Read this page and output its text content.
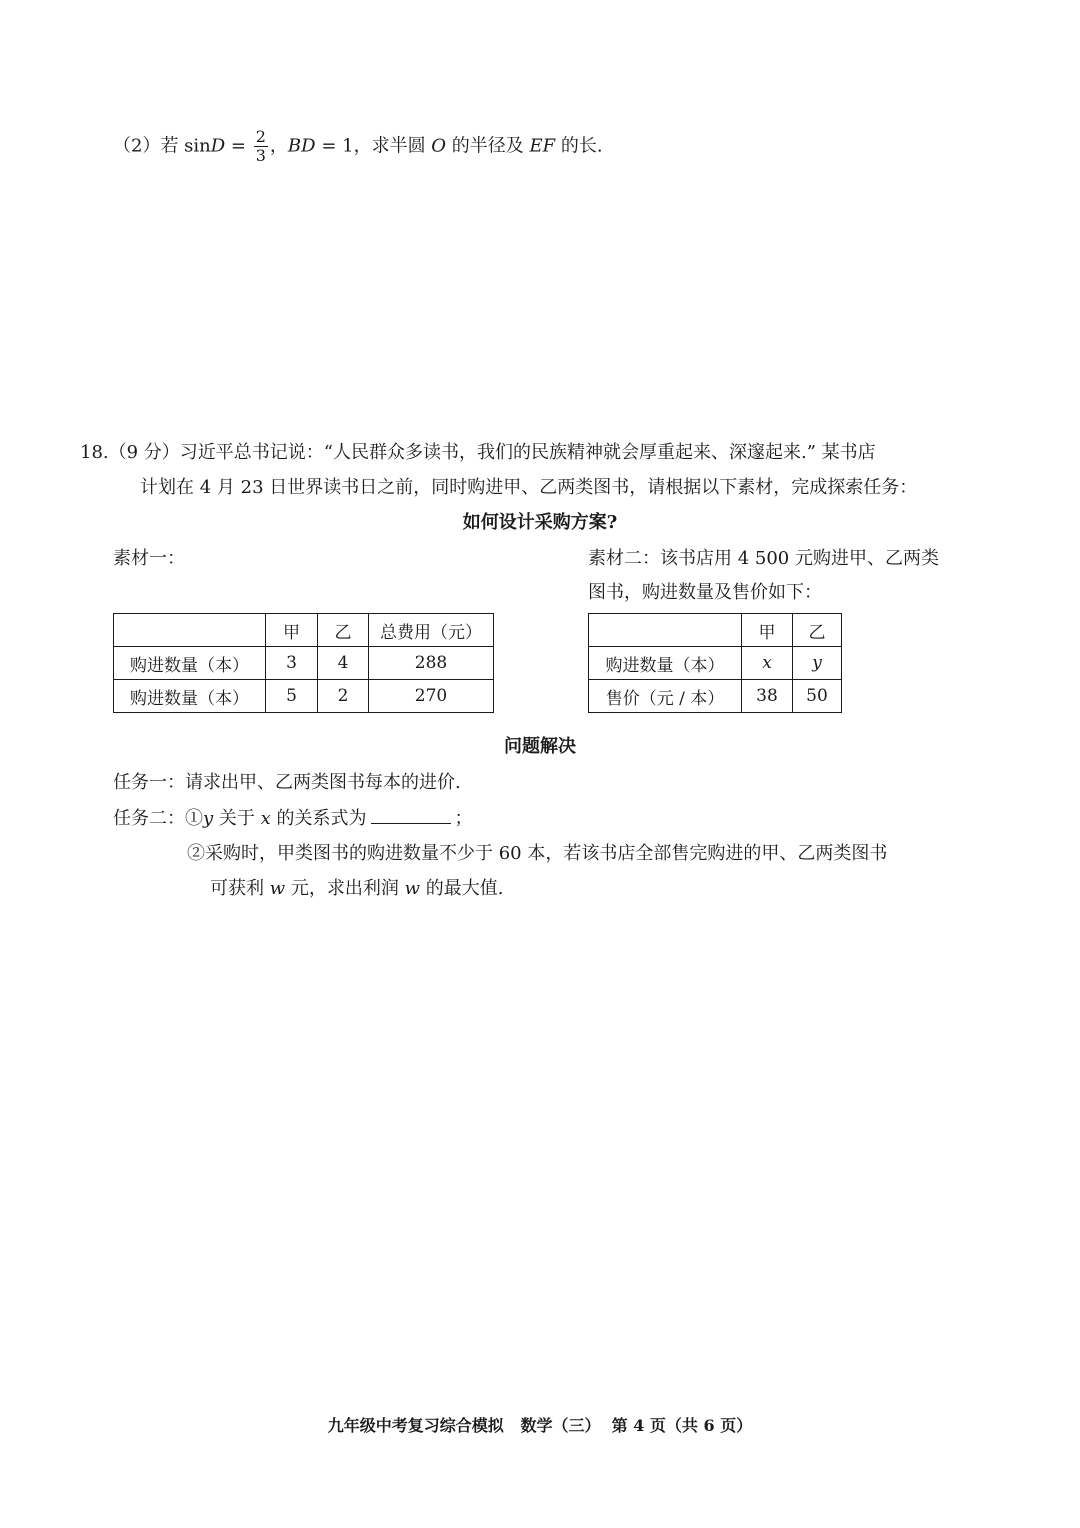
（2）若 $\sin D = \frac{2}{3}$ ，BD = 1，求半圆 O 的半径及 EF 的长.
18.（9 分）习近平总书记说：“人民群众多读书，我们的民族精神就会厚重起来、深邃起来.” 某书店
计划在 4 月 23 日世界读书日之前，同时购进甲、乙两类图书，请根据以下素材，完成探索任务：
如何设计采购方案?
素材一：	素材二：该书店用 4 500 元购进甲、乙两类
图书，购进数量及售价如下：
	甲	乙	总费用（元）
购进数量（本）	3	4	288
购进数量（本）	5	2	270
	甲	乙
购进数量（本）	x	y
售价（元 / 本）	38	50
问题解决
任务一：请求出甲、乙两类图书每本的进价.
任务二：①y 关于 x 的关系式为	；
②采购时，甲类图书的购进数量不少于 60 本，若该书店全部售完购进的甲、乙两类图书
可获利 w 元，求出利润 w 的最大值.
九年级中考复习综合模拟   数学（三）  第 4 页（共 6 页）
